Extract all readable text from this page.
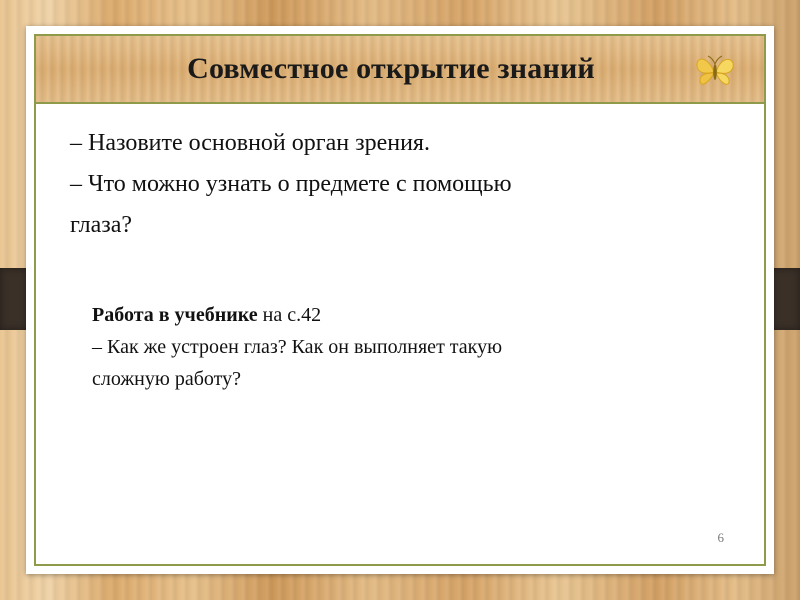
Совместное открытие знаний

– Назовите основной орган зрения.

– Что можно узнать о предмете с помощью

глаза?

Работа в учебнике на с.42

– Как же устроен глаз? Как он выполняет такую

сложную работу?

6
